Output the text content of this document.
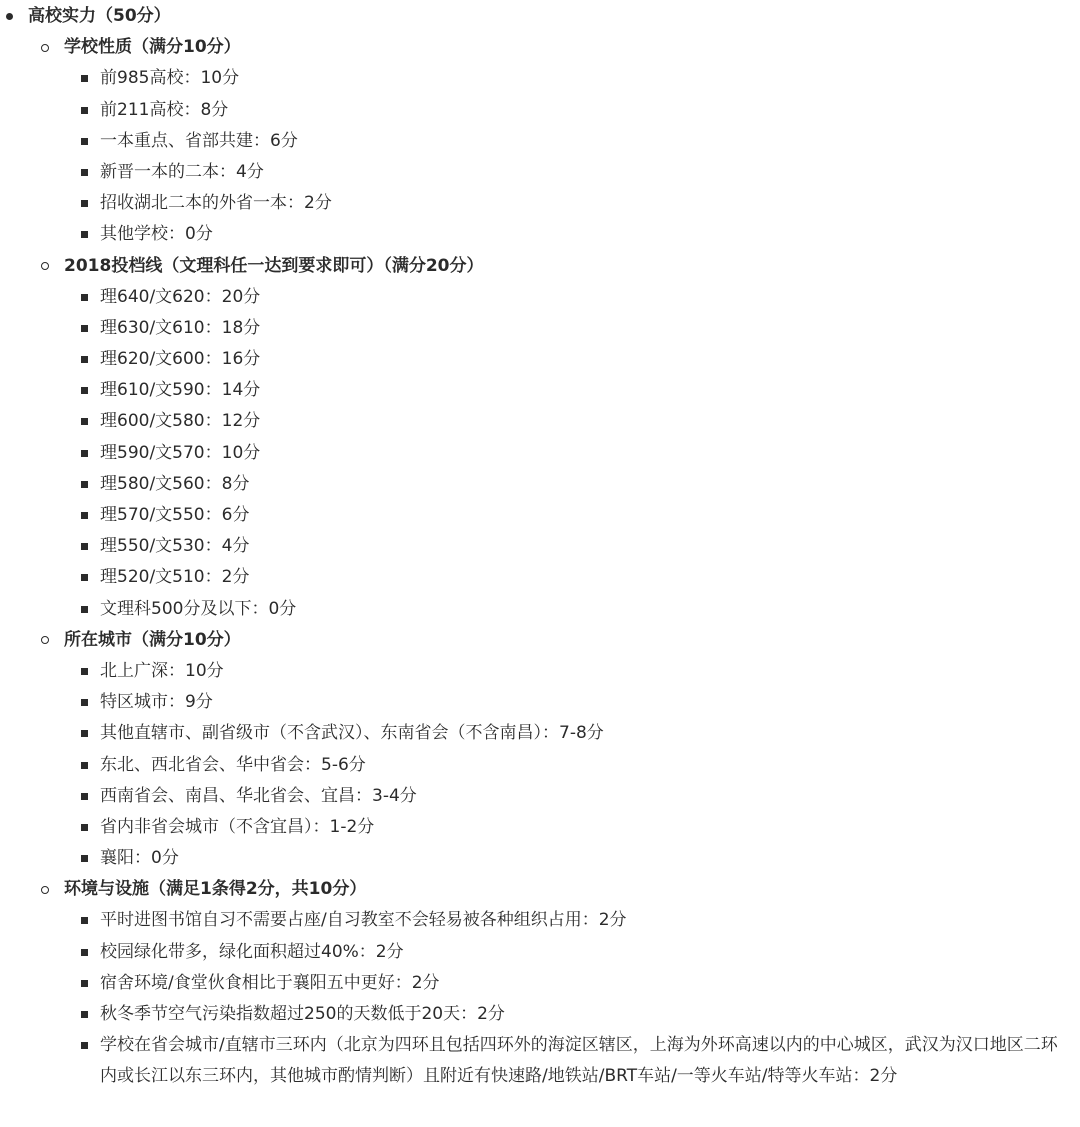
高校实力（50分）
学校性质（满分10分）
前985高校：10分
前211高校：8分
一本重点、省部共建：6分
新晋一本的二本：4分
招收湖北二本的外省一本：2分
其他学校：0分
2018投档线（文理科任一达到要求即可）（满分20分）
理640/文620：20分
理630/文610：18分
理620/文600：16分
理610/文590：14分
理600/文580：12分
理590/文570：10分
理580/文560：8分
理570/文550：6分
理550/文530：4分
理520/文510：2分
文理科500分及以下：0分
所在城市（满分10分）
北上广深：10分
特区城市：9分
其他直辖市、副省级市（不含武汉）、东南省会（不含南昌）：7-8分
东北、西北省会、华中省会：5-6分
西南省会、南昌、华北省会、宜昌：3-4分
省内非省会城市（不含宜昌）：1-2分
襄阳：0分
环境与设施（满足1条得2分，共10分）
平时进图书馆自习不需要占座/自习教室不会轻易被各种组织占用：2分
校园绿化带多，绿化面积超过40%：2分
宿舍环境/食堂伙食相比于襄阳五中更好：2分
秋冬季节空气污染指数超过250的天数低于20天：2分
学校在省会城市/直辖市三环内（北京为四环且包括四环外的海淀区辖区，上海为外环高速以内的中心城区，武汉为汉口地区二环内或长江以东三环内，其他城市酌情判断）且附近有快速路/地铁站/BRT车站/一等火车站/特等火车站：2分
